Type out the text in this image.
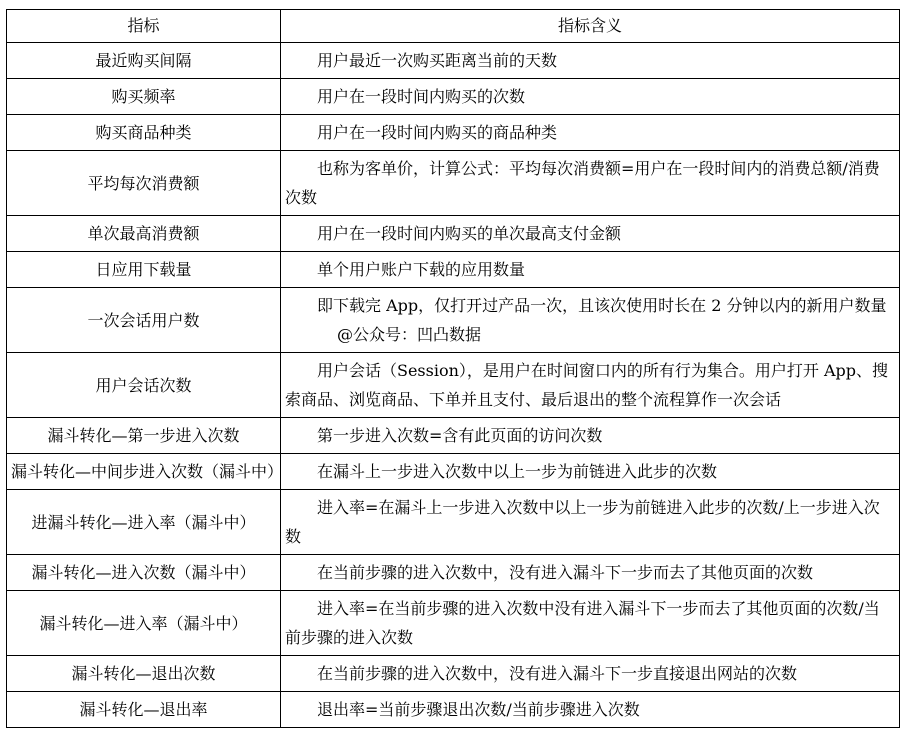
指标	指标含义
最近购买间隔	用户最近一次购买距离当前的天数

购买频率	用户在一段时间内购买的次数

购买商品种类	用户在一段时间内购买的商品种类

平均每次消费额	也称为客单价，计算公式：平均每次消费额=用户在一段时间内的消费总额/消费次数

单次最高消费额	用户在一段时间内购买的单次最高支付金额

日应用下载量	单个用户账户下载的应用数量

一次会话用户数	即下载完 App，仅打开过产品一次，且该次使用时长在 2 分钟以内的新用户数量@公众号：凹凸数据

用户会话次数	用户会话（Session），是用户在时间窗口内的所有行为集合。用户打开 App、搜索商品、浏览商品、下单并且支付、最后退出的整个流程算作一次会话

漏斗转化—第一步进入次数	第一步进入次数=含有此页面的访问次数

漏斗转化—中间步进入次数（漏斗中）	在漏斗上一步进入次数中以上一步为前链进入此步的次数

进漏斗转化—进入率（漏斗中）	进入率=在漏斗上一步进入次数中以上一步为前链进入此步的次数/上一步进入次数

漏斗转化—进入次数（漏斗中）	在当前步骤的进入次数中，没有进入漏斗下一步而去了其他页面的次数

漏斗转化—进入率（漏斗中）	进入率=在当前步骤的进入次数中没有进入漏斗下一步而去了其他页面的次数/当前步骤的进入次数

漏斗转化—退出次数	在当前步骤的进入次数中，没有进入漏斗下一步直接退出网站的次数

漏斗转化—退出率	退出率=当前步骤退出次数/当前步骤进入次数
